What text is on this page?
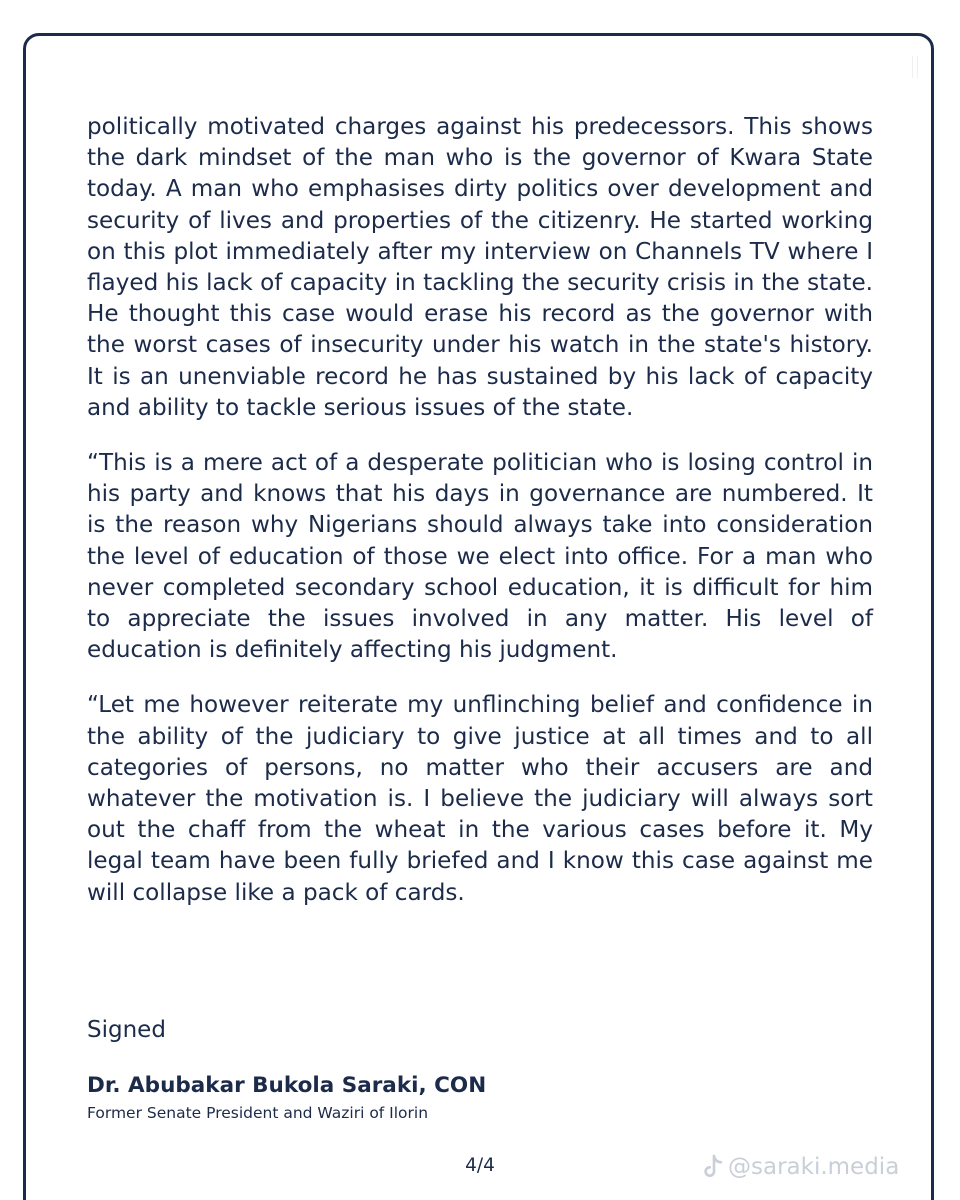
politically motivated charges against his predecessors. This shows the dark mindset of the man who is the governor of Kwara State today. A man who emphasises dirty politics over development and security of lives and properties of the citizenry. He started working on this plot immediately after my interview on Channels TV where I flayed his lack of capacity in tackling the security crisis in the state. He thought this case would erase his record as the governor with the worst cases of insecurity under his watch in the state's history. It is an unenviable record he has sustained by his lack of capacity and ability to tackle serious issues of the state.

“This is a mere act of a desperate politician who is losing control in his party and knows that his days in governance are numbered. It is the reason why Nigerians should always take into consideration the level of education of those we elect into office. For a man who never completed secondary school education, it is difficult for him to appreciate the issues involved in any matter. His level of education is definitely affecting his judgment.

“Let me however reiterate my unflinching belief and confidence in the ability of the judiciary to give justice at all times and to all categories of persons, no matter who their accusers are and whatever the motivation is. I believe the judiciary will always sort out the chaff from the wheat in the various cases before it. My legal team have been fully briefed and I know this case against me will collapse like a pack of cards.

Signed
Dr. Abubakar Bukola Saraki, CON
Former Senate President and Waziri of Ilorin
4/4	@saraki.media
